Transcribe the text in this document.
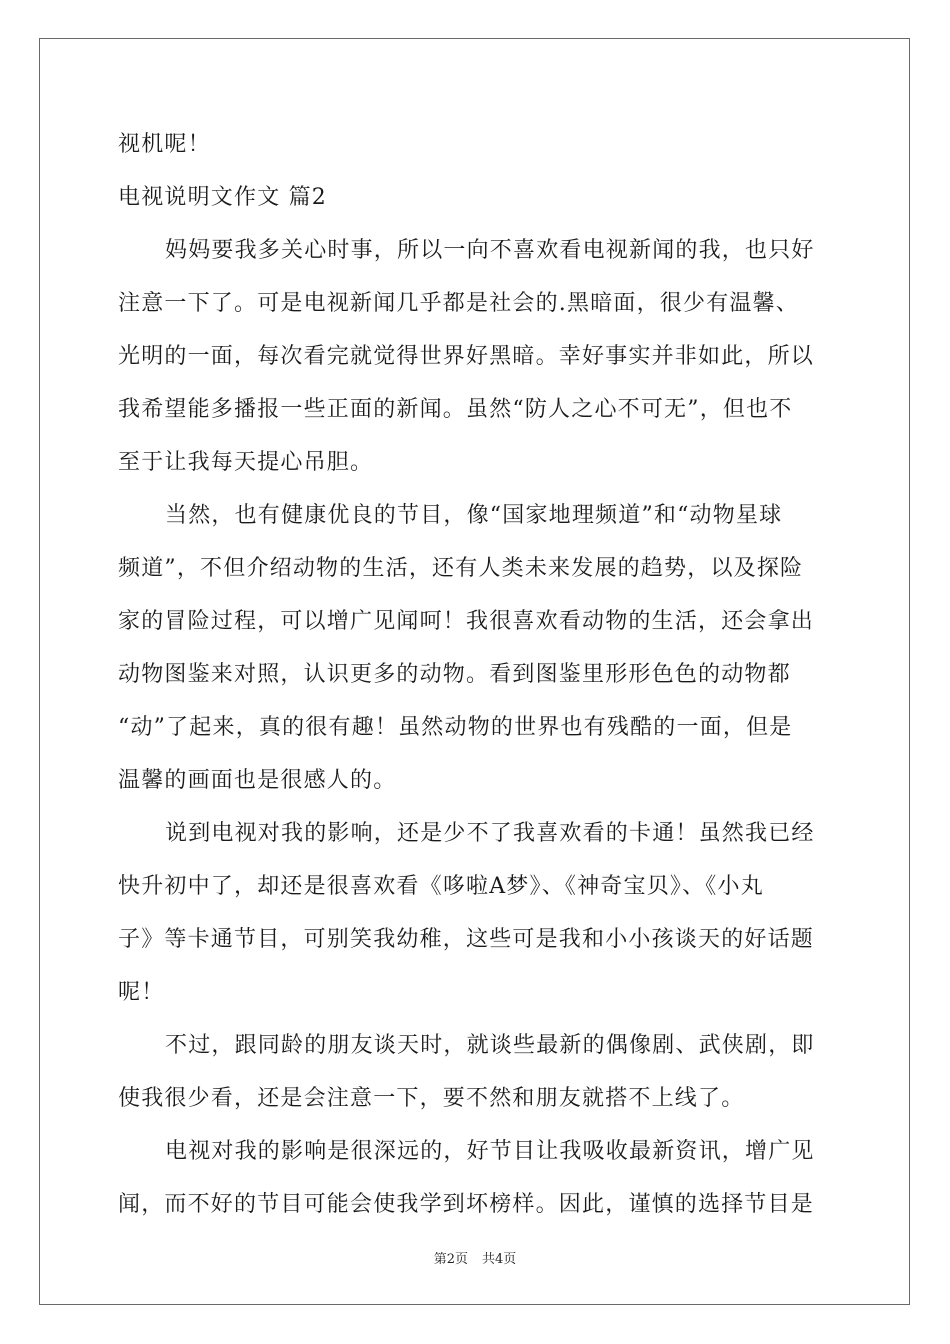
视机呢！

电视说明文作文 篇2

妈妈要我多关心时事，所以一向不喜欢看电视新闻的我，也只好

注意一下了。可是电视新闻几乎都是社会的.黑暗面，很少有温馨、

光明的一面，每次看完就觉得世界好黑暗。幸好事实并非如此，所以

我希望能多播报一些正面的新闻。虽然“防人之心不可无”，但也不

至于让我每天提心吊胆。

当然，也有健康优良的节目，像“国家地理频道”和“动物星球

频道”，不但介绍动物的生活，还有人类未来发展的趋势，以及探险

家的冒险过程，可以增广见闻呵！我很喜欢看动物的生活，还会拿出

动物图鉴来对照，认识更多的动物。看到图鉴里形形色色的动物都

“动”了起来，真的很有趣！虽然动物的世界也有残酷的一面，但是

温馨的画面也是很感人的。

说到电视对我的影响，还是少不了我喜欢看的卡通！虽然我已经

快升初中了，却还是很喜欢看《哆啦A梦》、《神奇宝贝》、《小丸

子》等卡通节目，可别笑我幼稚，这些可是我和小小孩谈天的好话题

呢！

不过，跟同龄的朋友谈天时，就谈些最新的偶像剧、武侠剧，即

使我很少看，还是会注意一下，要不然和朋友就搭不上线了。

电视对我的影响是很深远的，好节目让我吸收最新资讯，增广见

闻，而不好的节目可能会使我学到坏榜样。因此，谨慎的选择节目是

第2页 共4页
